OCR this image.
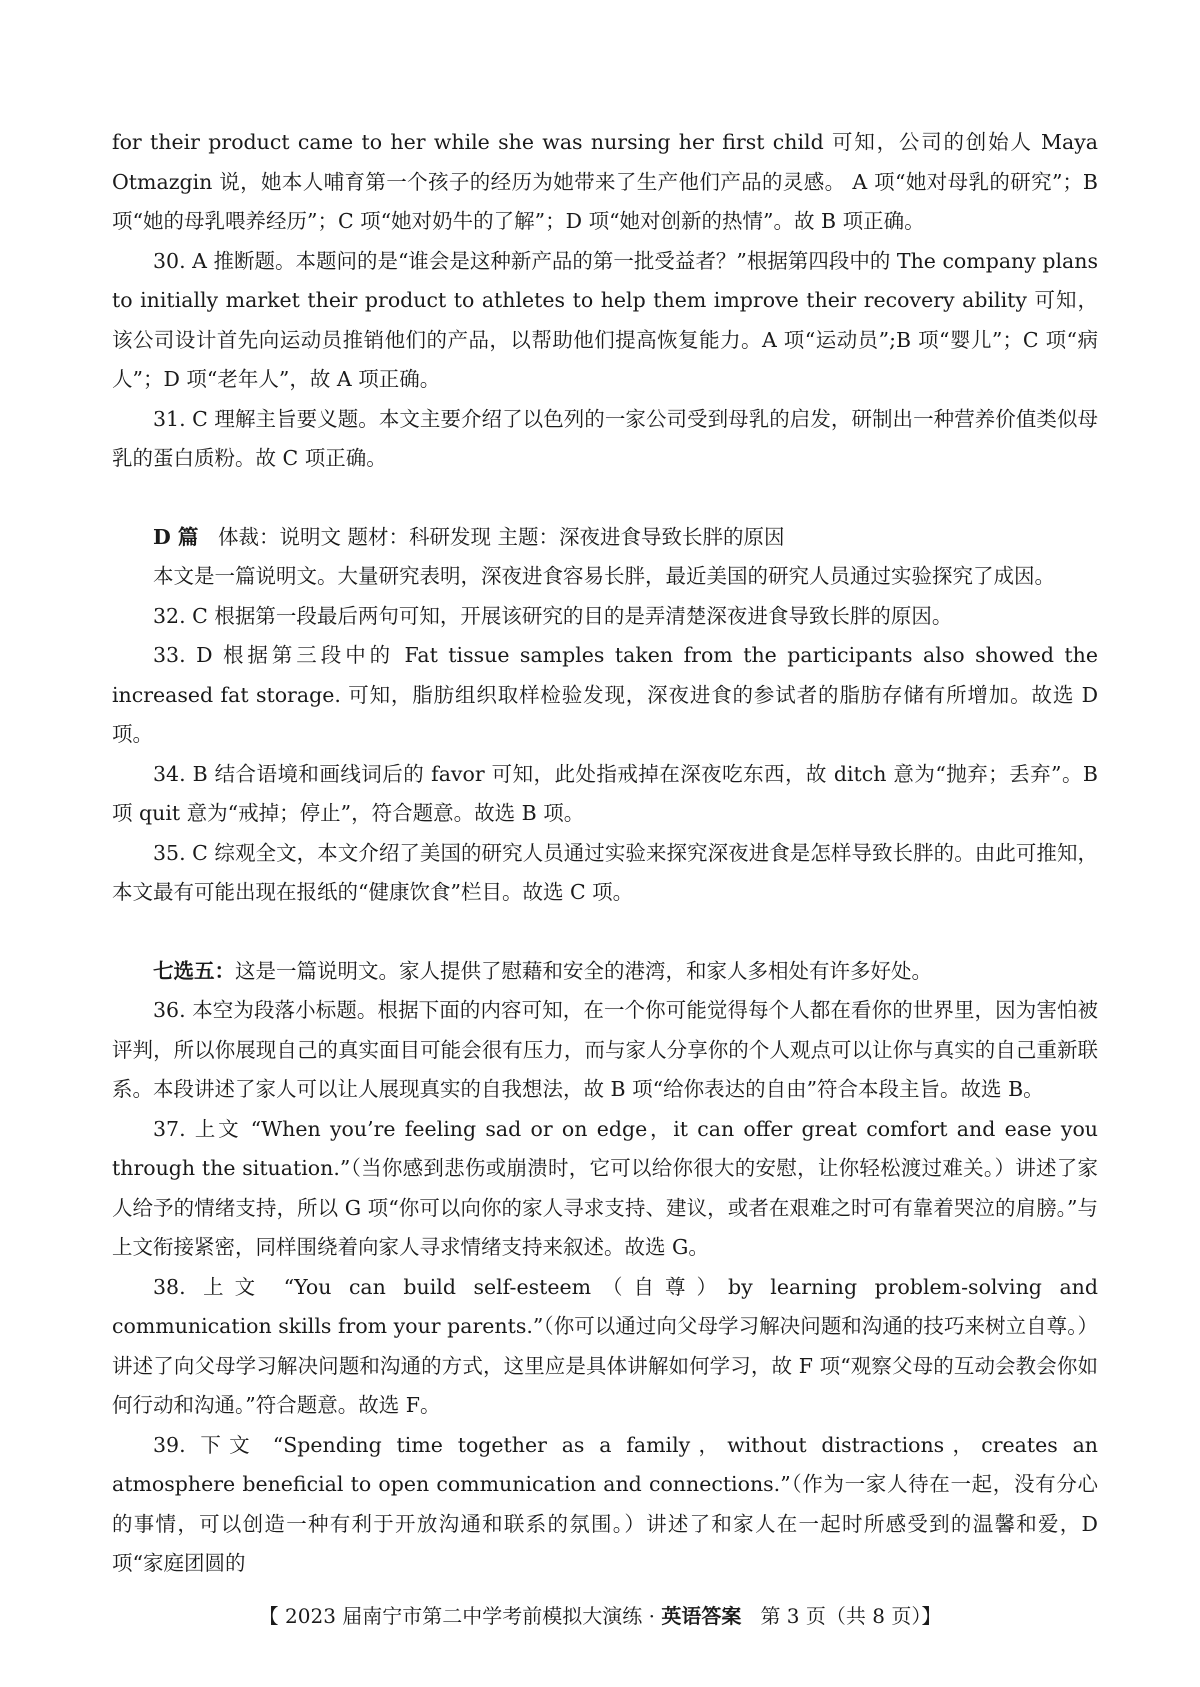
for their product came to her while she was nursing her first child 可知，公司的创始人 Maya Otmazgin 说，她本人哺育第一个孩子的经历为她带来了生产他们产品的灵感。 A 项“她对母乳的研究”；B 项“她的母乳喂养经历”；C 项“她对奶牛的了解”；D 项“她对创新的热情”。故 B 项正确。

30. A 推断题。本题问的是“谁会是这种新产品的第一批受益者？”根据第四段中的 The company plans to initially market their product to athletes to help them improve their recovery ability 可知，该公司设计首先向运动员推销他们的产品，以帮助他们提高恢复能力。A 项“运动员”;B 项“婴儿”；C 项“病人”；D 项“老年人”，故 A 项正确。

31. C 理解主旨要义题。本文主要介绍了以色列的一家公司受到母乳的启发，研制出一种营养价值类似母乳的蛋白质粉。故 C 项正确。

D 篇 体裁：说明文 题材：科研发现 主题：深夜进食导致长胖的原因

本文是一篇说明文。大量研究表明，深夜进食容易长胖，最近美国的研究人员通过实验探究了成因。

32. C 根据第一段最后两句可知，开展该研究的目的是弄清楚深夜进食导致长胖的原因。

33. D 根据第三段中的 Fat tissue samples taken from the participants also showed the increased fat storage. 可知，脂肪组织取样检验发现，深夜进食的参试者的脂肪存储有所增加。故选 D 项。

34. B 结合语境和画线词后的 favor 可知，此处指戒掉在深夜吃东西，故 ditch 意为“抛弃；丢弃”。B 项 quit 意为“戒掉；停止”，符合题意。故选 B 项。

35. C 综观全文，本文介绍了美国的研究人员通过实验来探究深夜进食是怎样导致长胖的。由此可推知，本文最有可能出现在报纸的“健康饮食”栏目。故选 C 项。

七选五：这是一篇说明文。家人提供了慰藉和安全的港湾，和家人多相处有许多好处。

36. 本空为段落小标题。根据下面的内容可知，在一个你可能觉得每个人都在看你的世界里，因为害怕被评判，所以你展现自己的真实面目可能会很有压力，而与家人分享你的个人观点可以让你与真实的自己重新联系。本段讲述了家人可以让人展现真实的自我想法，故 B 项“给你表达的自由”符合本段主旨。故选 B。

37. 上文 “When you’re feeling sad or on edge，it can offer great comfort and ease you through the situation.”（当你感到悲伤或崩溃时，它可以给你很大的安慰，让你轻松渡过难关。）讲述了家人给予的情绪支持，所以 G 项“你可以向你的家人寻求支持、建议，或者在艰难之时可有靠着哭泣的肩膀。”与上文衔接紧密，同样围绕着向家人寻求情绪支持来叙述。故选 G。

38. 上文 “You can build self-esteem（自尊）by learning problem-solving and communication skills from your parents.”（你可以通过向父母学习解决问题和沟通的技巧来树立自尊。）讲述了向父母学习解决问题和沟通的方式，这里应是具体讲解如何学习，故 F 项“观察父母的互动会教会你如何行动和沟通。”符合题意。故选 F。

39. 下文 “Spending time together as a family，without distractions，creates an atmosphere beneficial to open communication and connections.”（作为一家人待在一起，没有分心的事情，可以创造一种有利于开放沟通和联系的氛围。）讲述了和家人在一起时所感受到的温馨和爱，D 项“家庭团圆的

【 2023 届南宁市第二中学考前模拟大演练 · 英语答案 第 3 页（共 8 页）】
